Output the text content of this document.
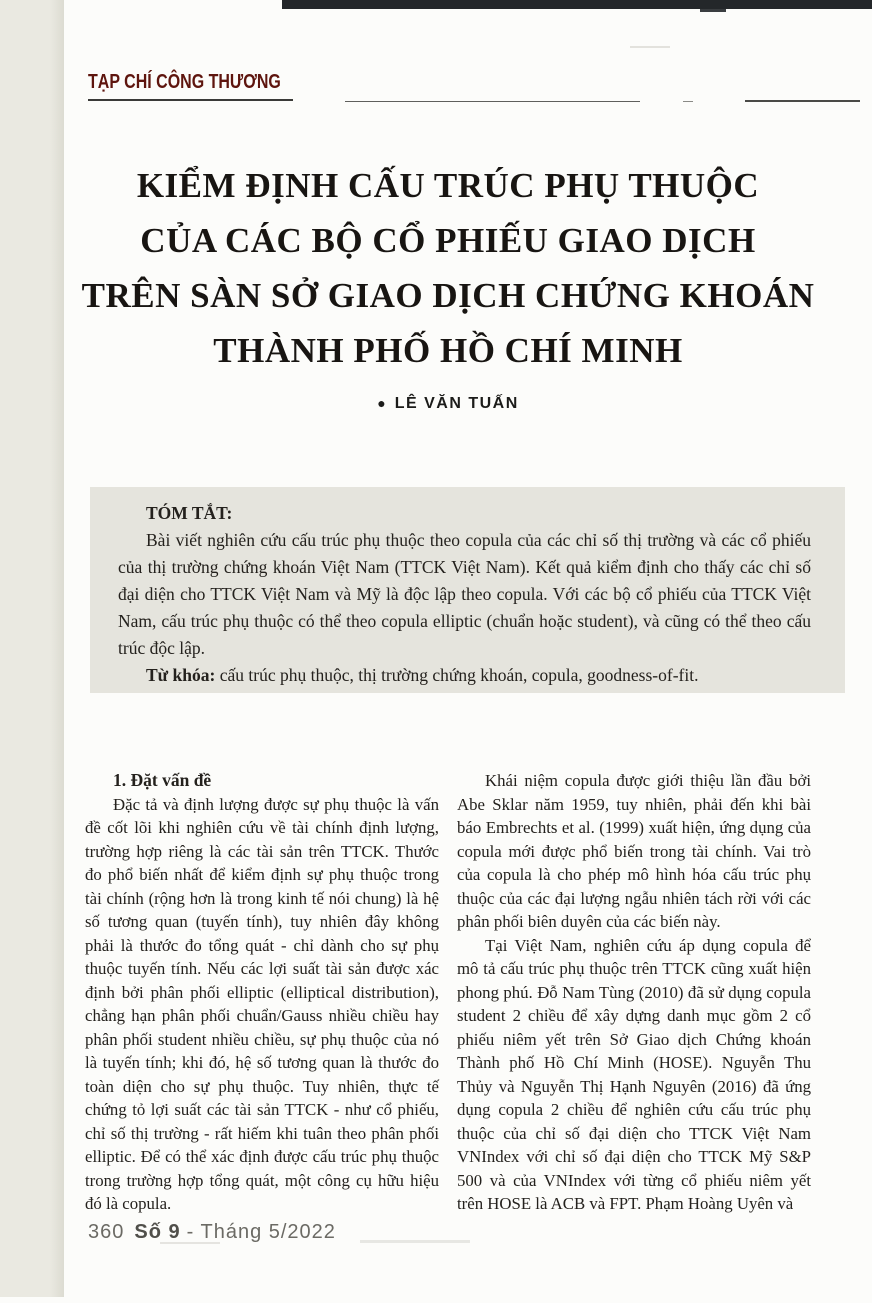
TẠP CHÍ CÔNG THƯƠNG
KIỂM ĐỊNH CẤU TRÚC PHỤ THUỘC
CỦA CÁC BỘ CỔ PHIẾU GIAO DỊCH
TRÊN SÀN SỞ GIAO DỊCH CHỨNG KHOÁN
THÀNH PHỐ HỒ CHÍ MINH
● LÊ VĂN TUẤN
TÓM TẮT:

Bài viết nghiên cứu cấu trúc phụ thuộc theo copula của các chỉ số thị trường và các cổ phiếu của thị trường chứng khoán Việt Nam (TTCK Việt Nam). Kết quả kiểm định cho thấy các chỉ số đại diện cho TTCK Việt Nam và Mỹ là độc lập theo copula. Với các bộ cổ phiếu của TTCK Việt Nam, cấu trúc phụ thuộc có thể theo copula elliptic (chuẩn hoặc student), và cũng có thể theo cấu trúc độc lập.

Từ khóa: cấu trúc phụ thuộc, thị trường chứng khoán, copula, goodness-of-fit.

1. Đặt vấn đề

Đặc tả và định lượng được sự phụ thuộc là vấn đề cốt lõi khi nghiên cứu về tài chính định lượng, trường hợp riêng là các tài sản trên TTCK. Thước đo phổ biến nhất để kiểm định sự phụ thuộc trong tài chính (rộng hơn là trong kinh tế nói chung) là hệ số tương quan (tuyến tính), tuy nhiên đây không phải là thước đo tổng quát - chỉ dành cho sự phụ thuộc tuyến tính. Nếu các lợi suất tài sản được xác định bởi phân phối elliptic (elliptical distribution), chẳng hạn phân phối chuẩn/Gauss nhiều chiều hay phân phối student nhiều chiều, sự phụ thuộc của nó là tuyến tính; khi đó, hệ số tương quan là thước đo toàn diện cho sự phụ thuộc. Tuy nhiên, thực tế chứng tỏ lợi suất các tài sản TTCK - như cổ phiếu, chỉ số thị trường - rất hiếm khi tuân theo phân phối elliptic. Để có thể xác định được cấu trúc phụ thuộc trong trường hợp tổng quát, một công cụ hữu hiệu đó là copula.

Khái niệm copula được giới thiệu lần đầu bởi Abe Sklar năm 1959, tuy nhiên, phải đến khi bài báo Embrechts et al. (1999) xuất hiện, ứng dụng của copula mới được phổ biến trong tài chính. Vai trò của copula là cho phép mô hình hóa cấu trúc phụ thuộc của các đại lượng ngẫu nhiên tách rời với các phân phối biên duyên của các biến này.

Tại Việt Nam, nghiên cứu áp dụng copula để mô tả cấu trúc phụ thuộc trên TTCK cũng xuất hiện phong phú. Đỗ Nam Tùng (2010) đã sử dụng copula student 2 chiều để xây dựng danh mục gồm 2 cổ phiếu niêm yết trên Sở Giao dịch Chứng khoán Thành phố Hồ Chí Minh (HOSE). Nguyễn Thu Thủy và Nguyễn Thị Hạnh Nguyên (2016) đã ứng dụng copula 2 chiều để nghiên cứu cấu trúc phụ thuộc của chỉ số đại diện cho TTCK Việt Nam VNIndex với chỉ số đại diện cho TTCK Mỹ S&P 500 và của VNIndex với từng cổ phiếu niêm yết trên HOSE là ACB và FPT. Phạm Hoàng Uyên và

360 Số 9 - Tháng 5/2022
